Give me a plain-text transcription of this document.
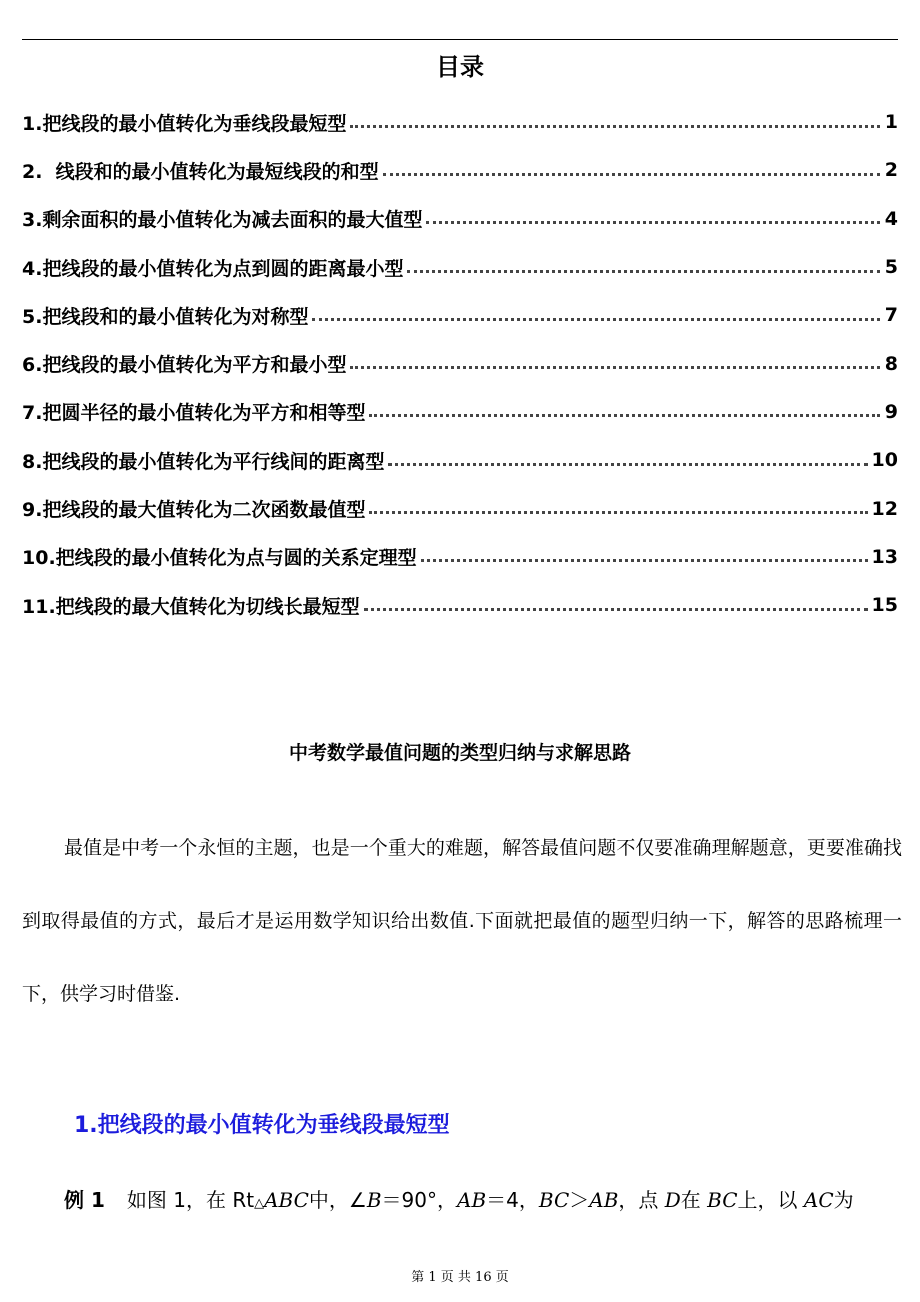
目录
1.把线段的最小值转化为垂线段最短型	1
2.  线段和的最小值转化为最短线段的和型	2
3.剩余面积的最小值转化为减去面积的最大值型	4
4.把线段的最小值转化为点到圆的距离最小型	5
5.把线段和的最小值转化为对称型	7
6.把线段的最小值转化为平方和最小型	8
7.把圆半径的最小值转化为平方和相等型	9
8.把线段的最小值转化为平行线间的距离型	10
9.把线段的最大值转化为二次函数最值型	12
10.把线段的最小值转化为点与圆的关系定理型	13
11.把线段的最大值转化为切线长最短型	15
中考数学最值问题的类型归纳与求解思路

最值是中考一个永恒的主题，也是一个重大的难题，解答最值问题不仅要准确理解题意，更要准确找到取得最值的方式，最后才是运用数学知识给出数值.下面就把最值的题型归纳一下，解答的思路梳理一下，供学习时借鉴.

1.把线段的最小值转化为垂线段最短型
例 1 如图 1，在 Rt△ABC中，∠B＝90°，AB＝4，BC＞AB，点 D在 BC上，以 AC为
第 1 页 共 16 页
